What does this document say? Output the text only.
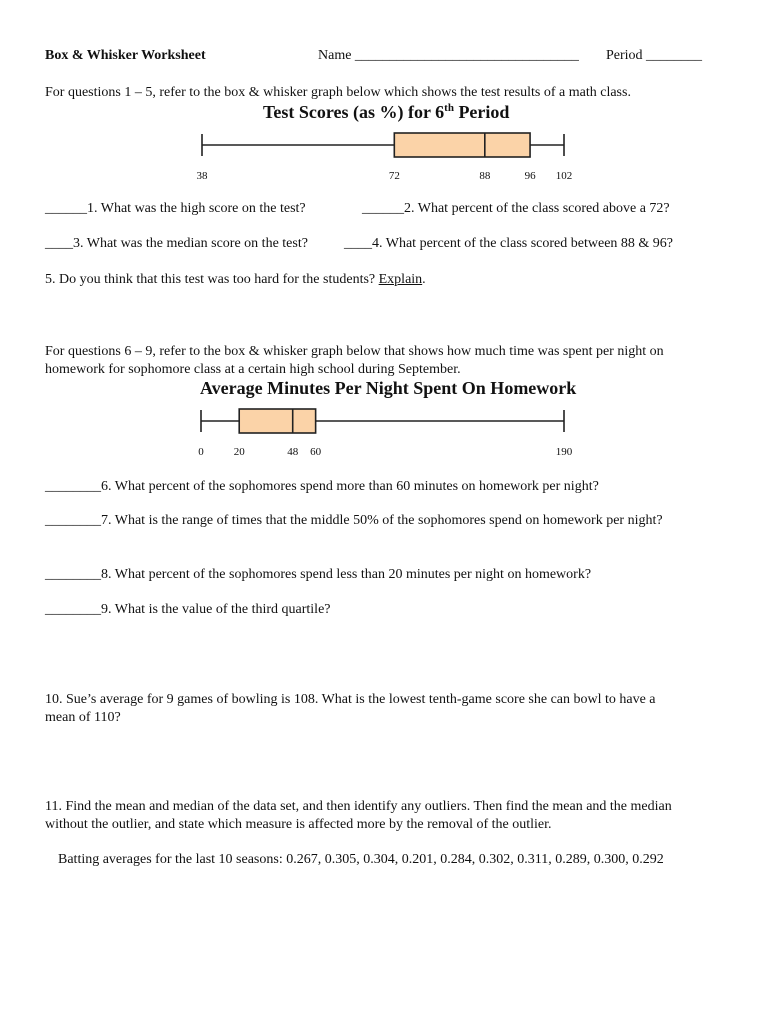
Box & Whisker Worksheet	Name ________________________________ Period ________
For questions 1 – 5, refer to the box & whisker graph below which shows the test results of a math class.
Test Scores (as %) for 6th Period
38	72	88	96 102
______1. What was the high score on the test?	______2. What percent of the class scored above a 72?
____3. What was the median score on the test?	____4. What percent of the class scored between 88 & 96?
5. Do you think that this test was too hard for the students? Explain.
For questions 6 – 9, refer to the box & whisker graph below that shows how much time was spent per night on
homework for sophomore class at a certain high school during September.
Average Minutes Per Night Spent On Homework
0	20	48 60	190
________6. What percent of the sophomores spend more than 60 minutes on homework per night?
________7. What is the range of times that the middle 50% of the sophomores spend on homework per night?
________8. What percent of the sophomores spend less than 20 minutes per night on homework?
________9. What is the value of the third quartile?
10. Sue’s average for 9 games of bowling is 108. What is the lowest tenth-game score she can bowl to have a
mean of 110?
11. Find the mean and median of the data set, and then identify any outliers. Then find the mean and the median
without the outlier, and state which measure is affected more by the removal of the outlier.
Batting averages for the last 10 seasons: 0.267, 0.305, 0.304, 0.201, 0.284, 0.302, 0.311, 0.289, 0.300, 0.292
